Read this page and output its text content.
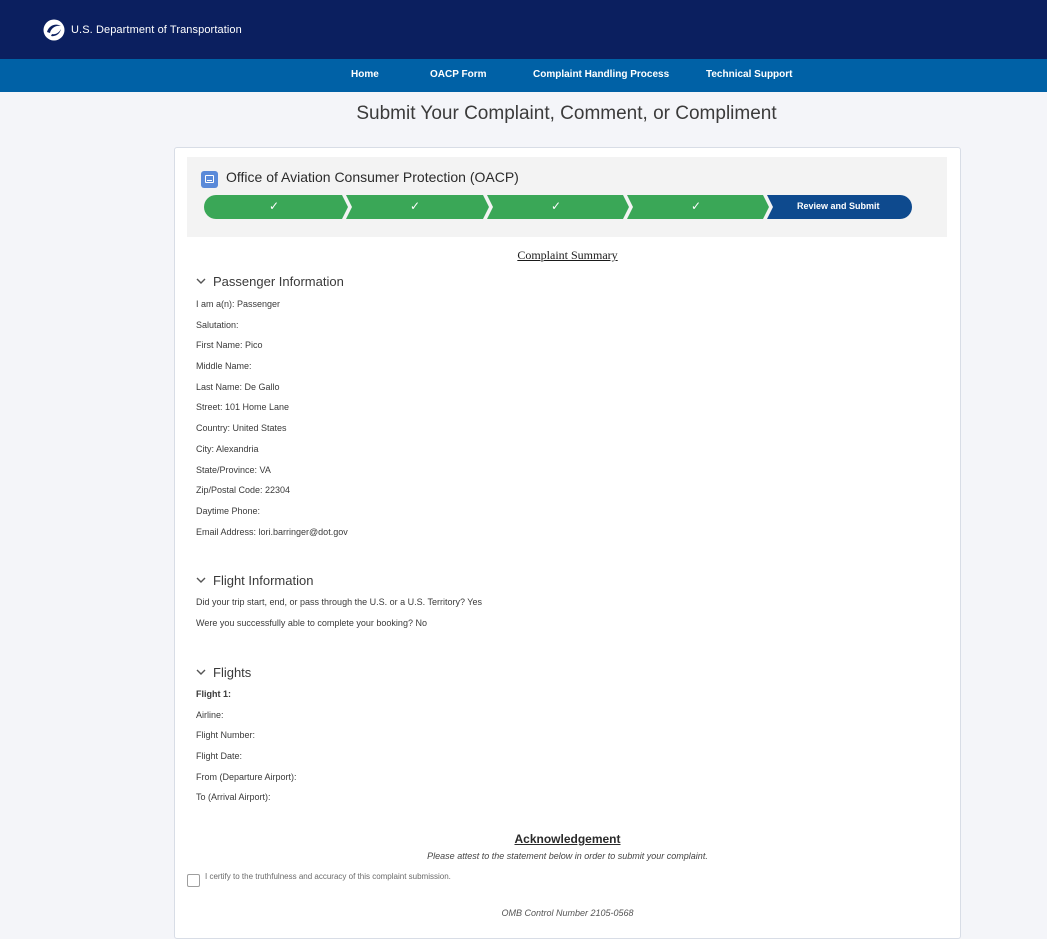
U.S. Department of Transportation
Home	OACP Form	Complaint Handling Process	Technical Support
Submit Your Complaint, Comment, or Compliment
Office of Aviation Consumer Protection (OACP)
✓	✓	✓	✓	Review and Submit
Complaint Summary
Passenger Information
I am a(n): Passenger
Salutation:
First Name: Pico
Middle Name:
Last Name: De Gallo
Street: 101 Home Lane
Country: United States
City: Alexandria
State/Province: VA
Zip/Postal Code: 22304
Daytime Phone:
Email Address: lori.barringer@dot.gov
Flight Information
Did your trip start, end, or pass through the U.S. or a U.S. Territory? Yes
Were you successfully able to complete your booking? No
Flights
Flight 1:
Airline:
Flight Number:
Flight Date:
From (Departure Airport):
To (Arrival Airport):
Acknowledgement
Please attest to the statement below in order to submit your complaint.
I certify to the truthfulness and accuracy of this complaint submission.
OMB Control Number 2105-0568
